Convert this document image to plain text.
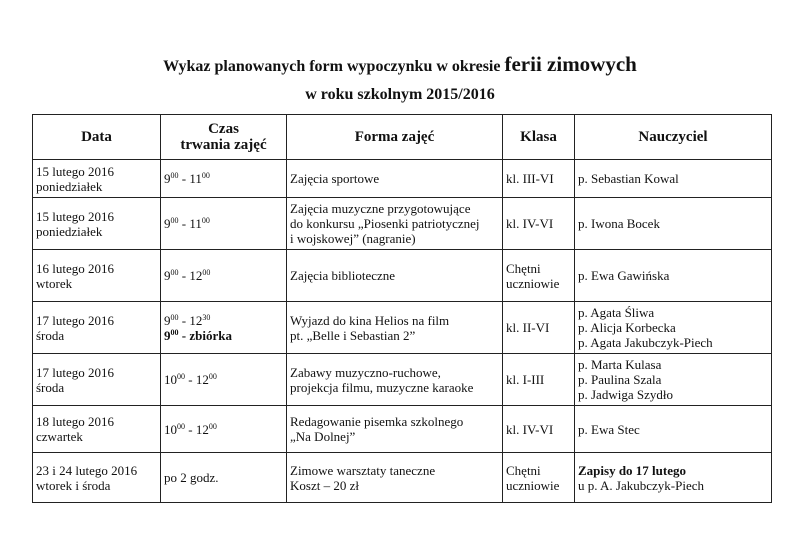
Wykaz planowanych form wypoczynku w okresie ferii zimowych
w roku szkolnym 2015/2016
Data	Czas
trwania zajęć	Forma zajęć	Klasa	Nauczyciel

15 lutego 2016
poniedziałek	$9^{00} - 11^{00}$	Zajęcia sportowe	kl. III-VI	p. Sebastian Kowal

15 lutego 2016
poniedziałek	$9^{00} - 11^{00}$	Zajęcia muzyczne przygotowujące
do konkursu „Piosenki patriotycznej
i wojskowej” (nagranie)	kl. IV-VI	p. Iwona Bocek

16 lutego 2016
wtorek	$9^{00} - 12^{00}$	Zajęcia biblioteczne	Chętni
uczniowie	p. Ewa Gawińska

17 lutego 2016
środa	$9^{00} - 12^{30}$
$9^{00}$ - zbiórka	Wyjazd do kina Helios na film
pt. „Belle i Sebastian 2”	kl. II-VI	p. Agata Śliwa
p. Alicja Korbecka
p. Agata Jakubczyk-Piech

17 lutego 2016
środa	$10^{00} - 12^{00}$	Zabawy muzyczno-ruchowe,
projekcja filmu, muzyczne karaoke	kl. I-III	p. Marta Kulasa
p. Paulina Szala
p. Jadwiga Szydło

18 lutego 2016
czwartek	$10^{00} - 12^{00}$	Redagowanie pisemka szkolnego
„Na Dolnej”	kl. IV-VI	p. Ewa Stec

23 i 24 lutego 2016
wtorek i środa	po 2 godz.	Zimowe warsztaty taneczne
Koszt – 20 zł	Chętni
uczniowie	Zapisy do 17 lutego
u p. A. Jakubczyk-Piech
